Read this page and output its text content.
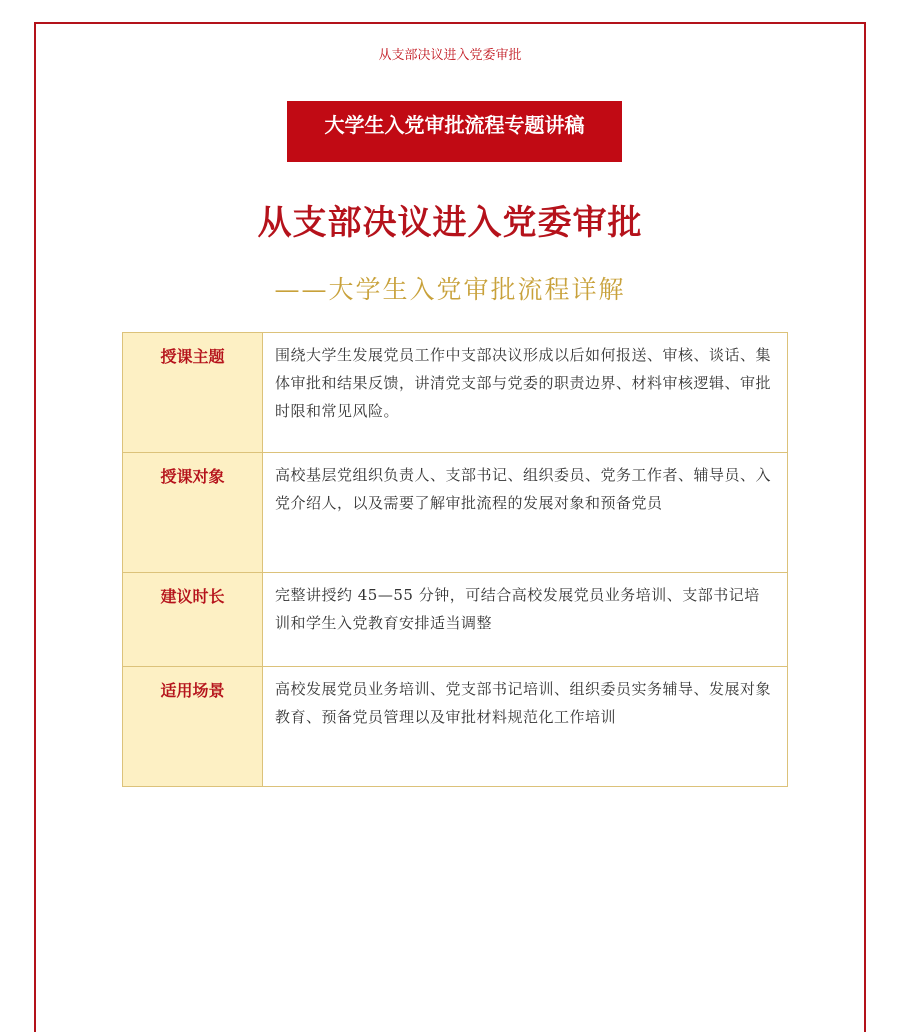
从支部决议进入党委审批
大学生入党审批流程专题讲稿
从支部决议进入党委审批
——大学生入党审批流程详解
授课主题	围绕大学生发展党员工作中支部决议形成以后如何报送、审核、谈话、集体审批和结果反馈，讲清党支部与党委的职责边界、材料审核逻辑、审批时限和常见风险。
授课对象	高校基层党组织负责人、支部书记、组织委员、党务工作者、辅导员、入党介绍人，以及需要了解审批流程的发展对象和预备党员
建议时长	完整讲授约 45—55 分钟，可结合高校发展党员业务培训、支部书记培训和学生入党教育安排适当调整
适用场景	高校发展党员业务培训、党支部书记培训、组织委员实务辅导、发展对象教育、预备党员管理以及审批材料规范化工作培训
